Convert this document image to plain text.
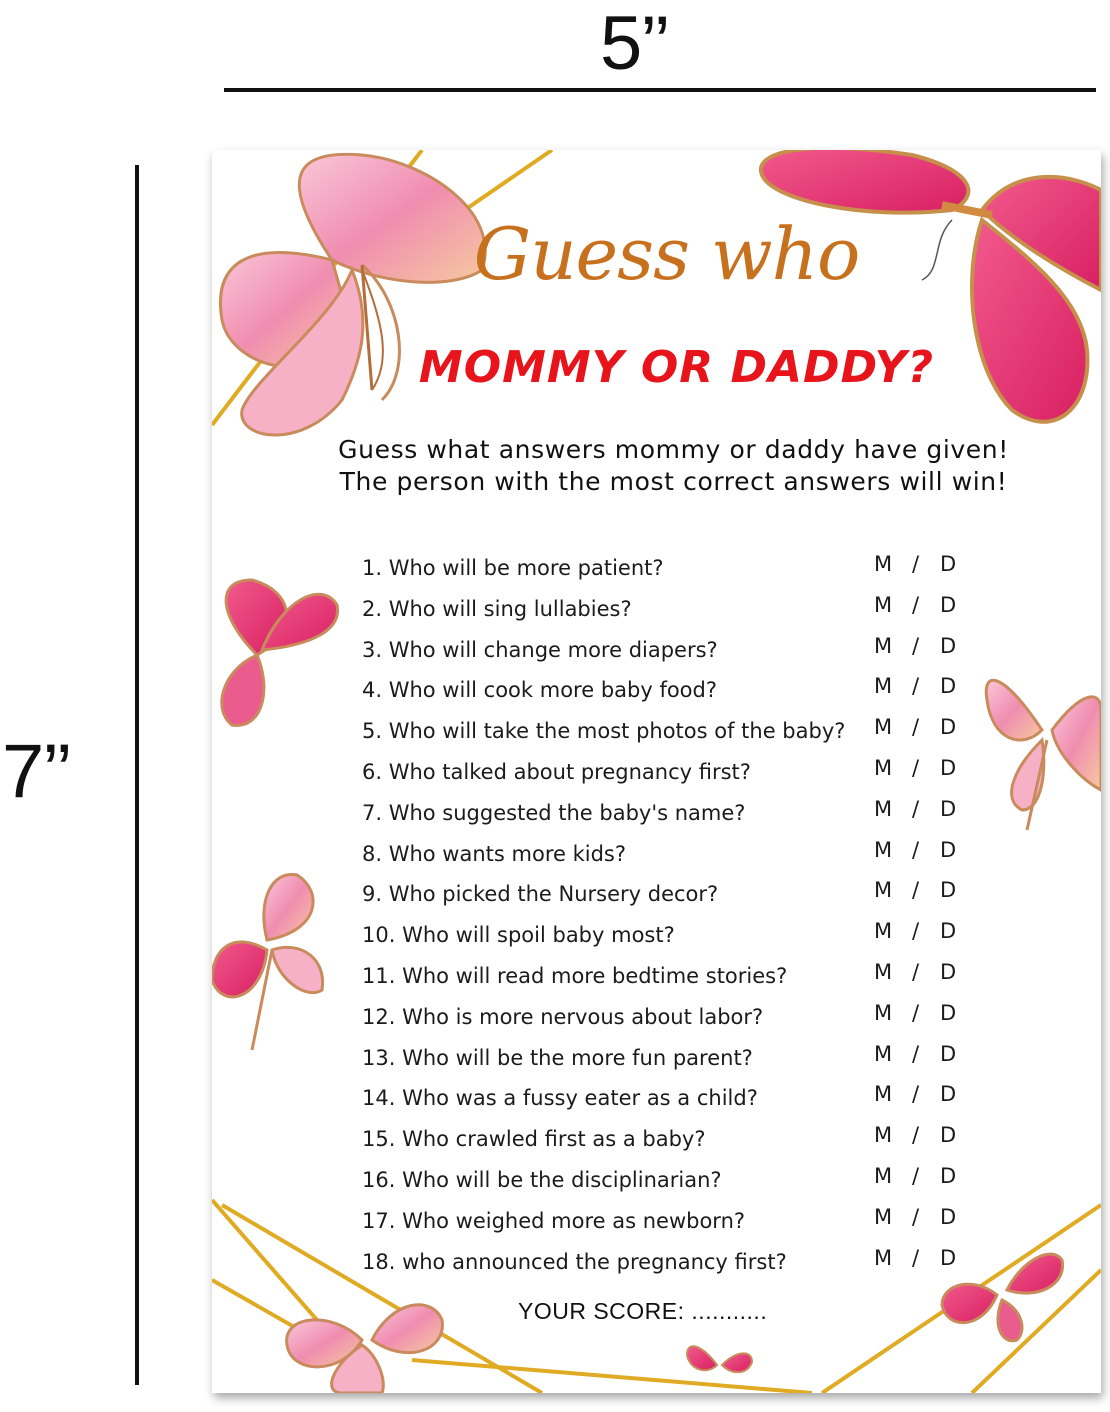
5’’
7’’
Guess who
MOMMY OR DADDY?
Guess what answers mommy or daddy have given!
The person with the most correct answers will win!
1. Who will be more patient?	M / D
2. Who will sing lullabies?	M / D
3. Who will change more diapers?	M / D
4. Who will cook more baby food?	M / D
5. Who will take the most photos of the baby? M / D
6. Who talked about pregnancy first?	M / D
7. Who suggested the baby's name?	M / D
8. Who wants more kids?	M / D
9. Who picked the Nursery decor?	M / D
10. Who will spoil baby most?	M / D
11. Who will read more bedtime stories?	M / D
12. Who is more nervous about labor?	M / D
13. Who will be the more fun parent?	M / D
14. Who was a fussy eater as a child?	M / D
15. Who crawled first as a baby?	M / D
16. Who will be the disciplinarian?	M / D
17. Who weighed more as newborn?	M / D
18. who announced the pregnancy first?	M / D
YOUR SCORE: ...........
